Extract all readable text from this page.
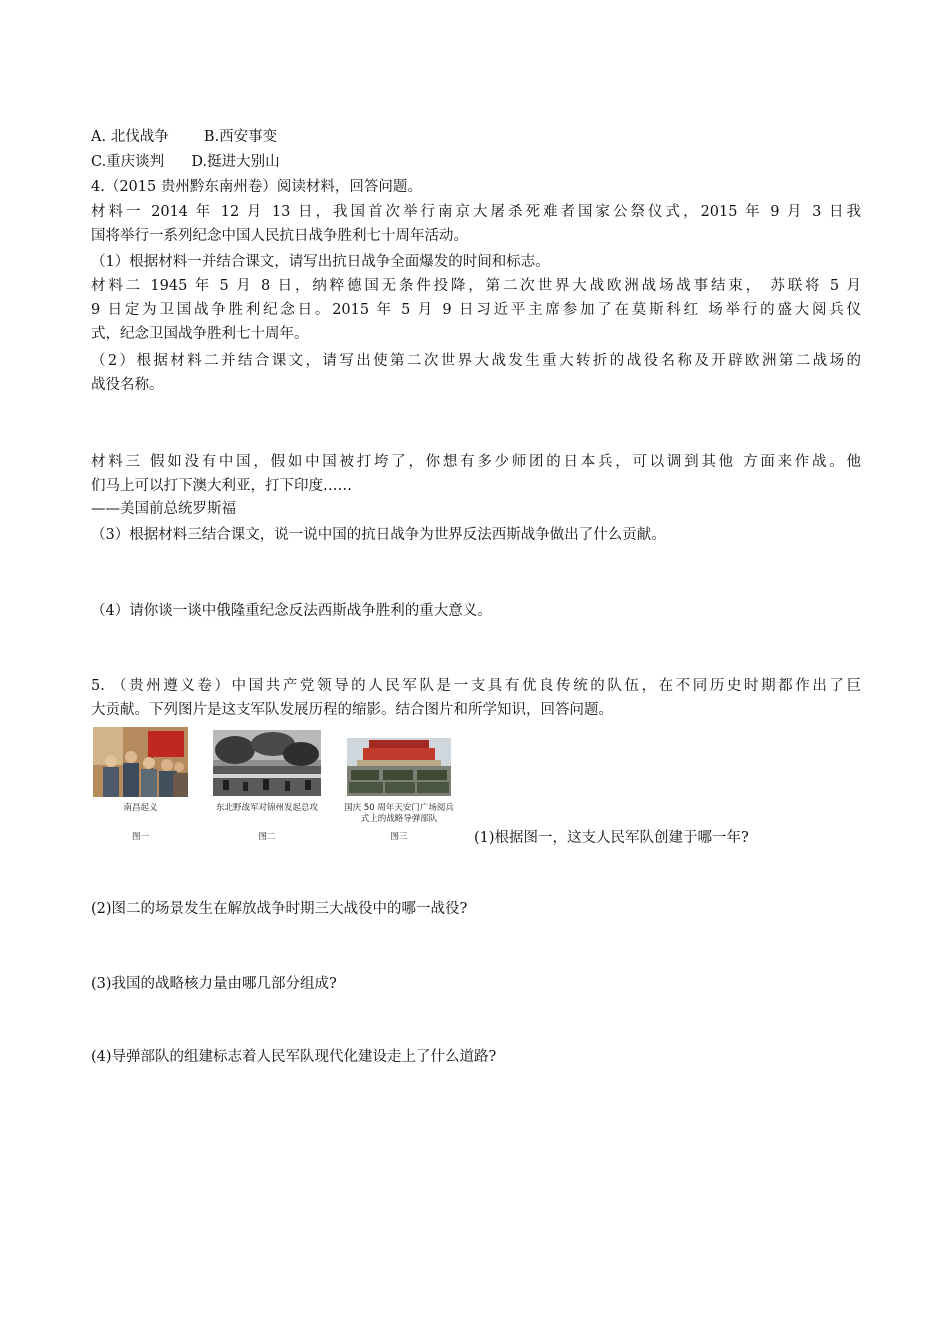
A. 北伐战争 B.西安事变
C.重庆谈判 D.挺进大别山
4.（2015 贵州黔东南州卷）阅读材料，回答问题。
材料一 2014 年 12 月 13 日，我国首次举行南京大屠杀死难者国家公祭仪式，2015 年 9 月 3 日我
国将举行一系列纪念中国人民抗日战争胜利七十周年活动。
（1）根据材料一并结合课文，请写出抗日战争全面爆发的时间和标志。
材料二 1945 年 5 月 8 日，纳粹德国无条件投降，第二次世界大战欧洲战场战事结束， 苏联将 5 月
9 日定为卫国战争胜利纪念日。2015 年 5 月 9 日习近平主席参加了在莫斯科红 场举行的盛大阅兵仪
式，纪念卫国战争胜利七十周年。
（2）根据材料二并结合课文，请写出使第二次世界大战发生重大转折的战役名称及开辟欧洲第二战场的
战役名称。
材料三 假如没有中国，假如中国被打垮了，你想有多少师团的日本兵，可以调到其他 方面来作战。他
们马上可以打下澳大利亚，打下印度……
——美国前总统罗斯福
（3）根据材料三结合课文，说一说中国的抗日战争为世界反法西斯战争做出了什么贡献。
（4）请你谈一谈中俄隆重纪念反法西斯战争胜利的重大意义。
5. （贵州遵义卷）中国共产党领导的人民军队是一支具有优良传统的队伍，在不同历史时期都作出了巨
大贡献。下列图片是这支军队发展历程的缩影。结合图片和所学知识，回答问题。
南昌起义
图一
东北野战军对锦州发起总攻
图二
国庆 50 周年天安门广场阅兵
式上的战略导弹部队
图三	(1)根据图一，这支人民军队创建于哪一年?
(2)图二的场景发生在解放战争时期三大战役中的哪一战役?
(3)我国的战略核力量由哪几部分组成?
(4)导弹部队的组建标志着人民军队现代化建设走上了什么道路?
